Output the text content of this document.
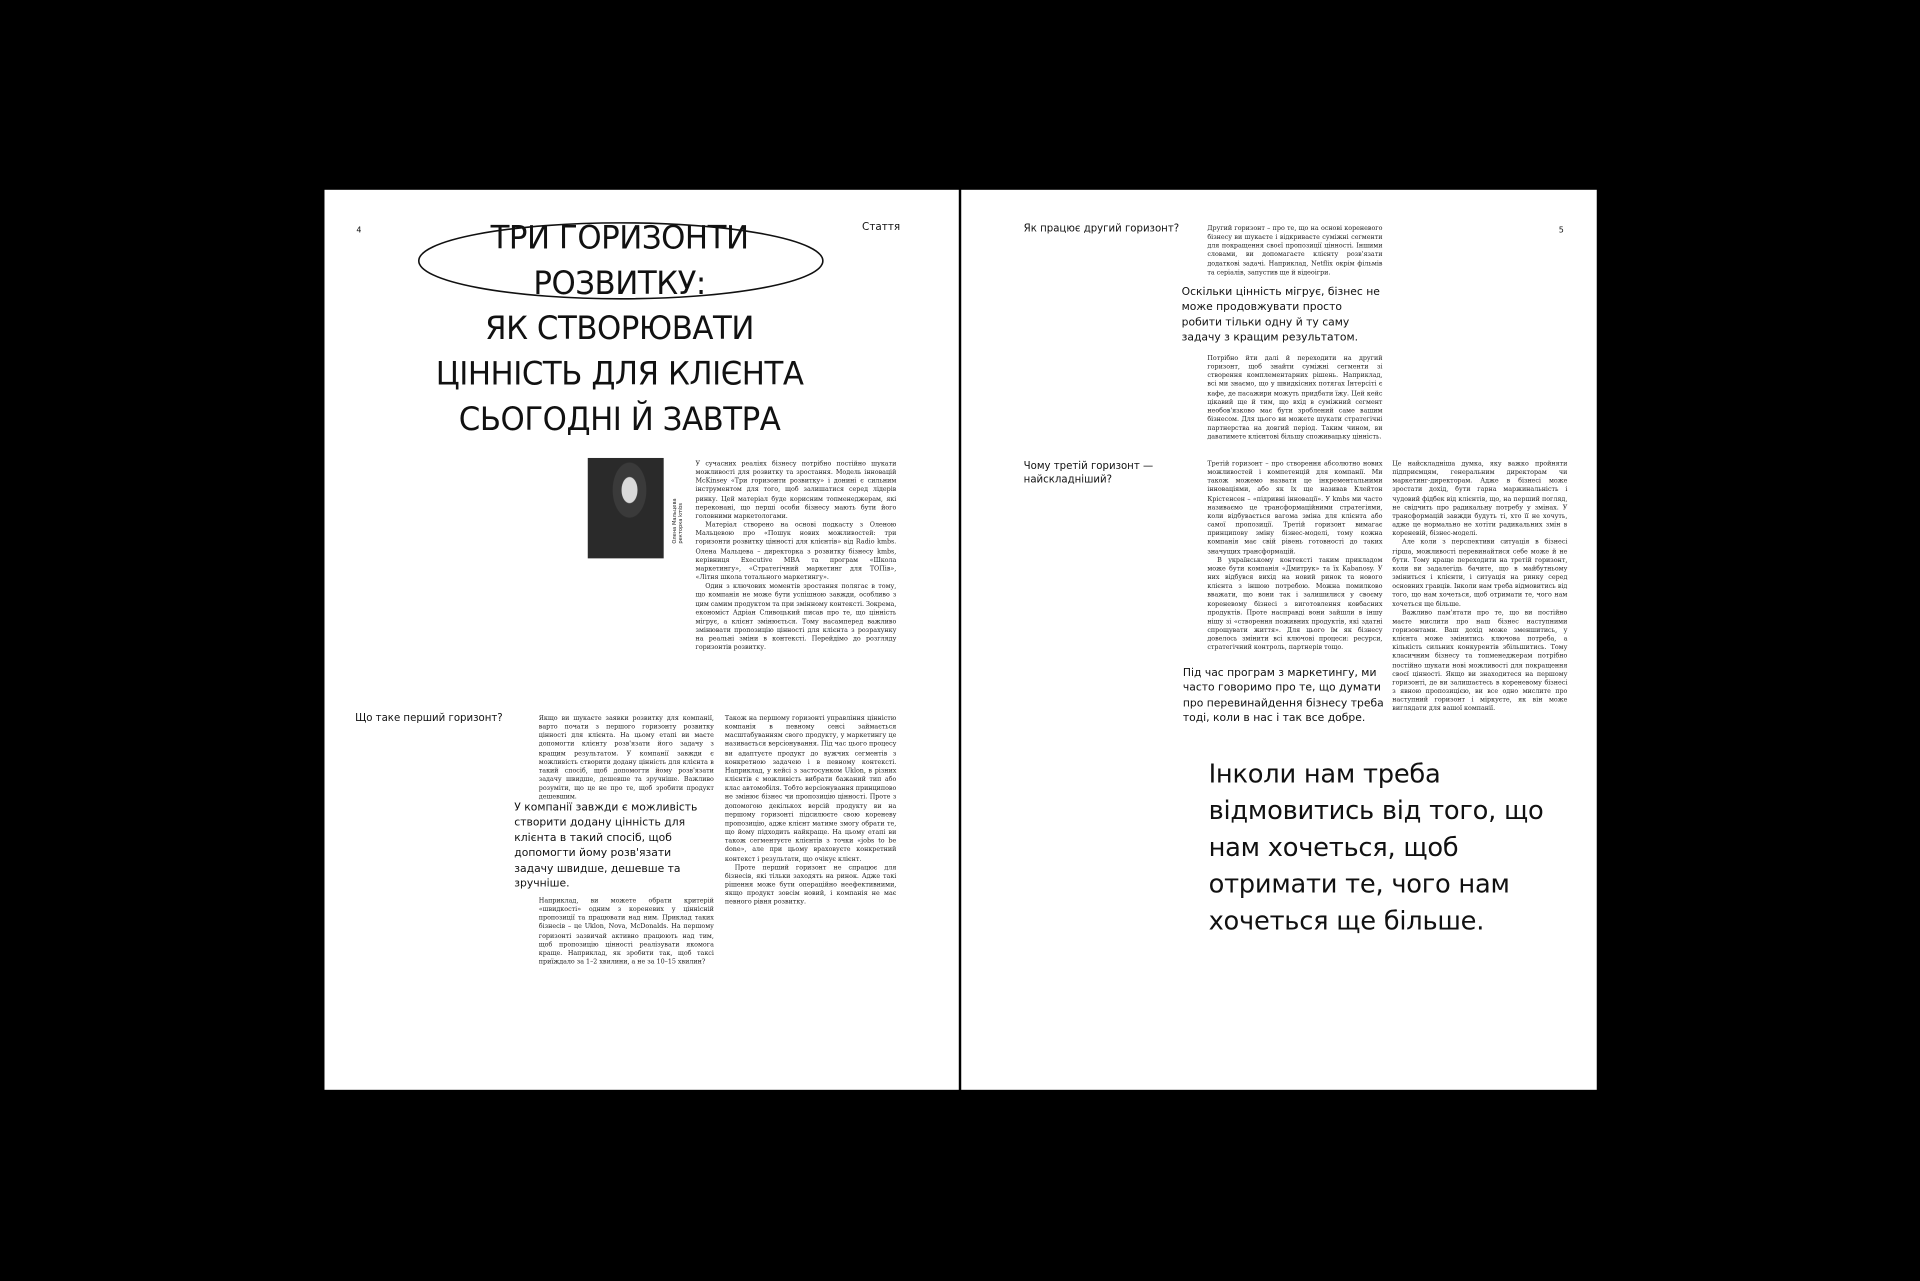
4	Стаття
ТРИ ГОРИЗОНТИ
РОЗВИТКУ:
ЯК СТВОРЮВАТИ
ЦІННІСТЬ ДЛЯ КЛІЄНТА
СЬОГОДНІ Й ЗАВТРА
Олена Мальцева
ректорка kmbs

У сучасних реаліях бізнесу потрібно постійно шукати можливості для розвитку та зростання. Модель інновацій McKinsey «Три горизонти розвитку» і донині є сильним інструментом для того, щоб залишатися серед лідерів ринку. Цей матеріал буде корисним топменеджерам, які переконані, що перші особи бізнесу мають бути його головними маркетологами.

Матеріал створено на основі подкасту з Оленою Мальцевою про «Пошук нових можливостей: три горизонти розвитку цінності для клієнтів» від Radio kmbs. Олена Мальцева – директорка з розвитку бізнесу kmbs, керівниця Executive MBA та програм «Школа маркетингу», «Стратегічний маркетинг для ТОПів», «Літня школа тотального маркетингу».

Один з ключових моментів зростання полягає в тому, що компанія не може бути успішною завжди, особливо з цим самим продуктом та при змінному контексті. Зокрема, економіст Адріан Сливоцький писав про те, що цінність мігрує, а клієнт змінюється. Тому насамперед важливо змінювати пропозицію цінності для клієнта з розрахунку на реальні зміни в контексті. Перейдімо до розгляду горизонтів розвитку.

Що таке перший горизонт?	Якщо ви шукаєте заявки розвитку для компанії, варто почати з першого горизонту розвитку цінності для клієнта. На цьому етапі ви маєте допомогти клієнту розв'язати його задачу з кращим результатом. У компанії завжди є можливість створити додану цінність для клієнта в такий спосіб, щоб допомогти йому розв'язати задачу швидше, дешевше та зручніше. Важливо розуміти, що це не про те, щоб зробити продукт дешевшим.

У компанії завжди є можливість створити додану цінність для клієнта в такий спосіб, щоб допомогти йому розв'язати задачу швидше, дешевше та зручніше.

Наприклад, ви можете обрати критерій «швидкості» одним з кореневих у ціннісній пропозиції та працювати над ним. Приклад таких бізнесів – це Uklon, Nova, McDonalds. На першому горизонті зазвичай активно працюють над тим, щоб пропозицію цінності реалізувати якомога краще. Наприклад, як зробити так, щоб таксі приїждало за 1–2 хвилини, а не за 10–15 хвилин?

Також на першому горизонті управління цінністю компанія в певному сенсі займається масштабуванням свого продукту, у маркетингу це називається версіонування. Під час цього процесу ви адаптуєте продукт до вужчих сегментів з конкретною задачею і в певному контексті. Наприклад, у кейсі з застосунком Uklon, в різних клієнтів є можливість вибрати бажаний тип або клас автомобіля. Тобто версіонування принципово не змінює бізнес чи пропозицію цінності. Проте з допомогою декількох версій продукту ви на першому горизонті підсилюєте свою кореневу пропозицію, адже клієнт матиме змогу обрати те, що йому підходить найкраще. На цьому етапі ви також сегментуєте клієнтів з точки «jobs to be done», але при цьому враховуєте конкретний контекст і результати, що очікує клієнт.

Проте перший горизонт не спрацює для бізнесів, які тільки заходять на ринок. Адже такі рішення може бути операційно неефективними, якщо продукт зовсім новий, і компанія не має певного рівня розвитку.

5
Як працює другий горизонт?	Другий горизонт – про те, що на основі кореневого бізнесу ви шукаєте і відкриваєте суміжні сегменти для покращення своєї пропозиції цінності. Іншими словами, ви допомагаєте клієнту розв'язати додаткові задачі. Наприклад, Netflix окрім фільмів та серіалів, запустив ще й відеоігри.

Оскільки цінність мігрує, бізнес не може продовжувати просто робити тільки одну й ту саму задачу з кращим результатом.

Потрібно йти далі й переходити на другий горизонт, щоб знайти суміжні сегменти зі створення комплементарних рішень. Наприклад, всі ми знаємо, що у швидкісних потягах Інтерсіті є кафе, де пасажири можуть придбати їжу. Цей кейс цікавий ще й тим, що вхід в суміжний сегмент необов'язково має бути зроблений саме вашим бізнесом. Для цього ви можете шукати стратегічні партнерства на довгий період. Таким чином, ви даватимете клієнтові більшу споживацьку цінність.

Чому третій горизонт — найскладніший?

Третій горизонт – про створення абсолютно нових можливостей і компетенцій для компанії. Ми також можемо назвати це інкрементальними інноваціями, або як їх ще називав Клейтон Крістенсен – «підривні інновації». У kmbs ми часто називаємо це трансформаційними стратегіями, коли відбувається вагома зміна для клієнта або самої пропозиції. Третій горизонт вимагає принципову зміну бізнес-моделі, тому кожна компанія має свій рівень готовності до таких значущих трансформацій.

В українському контексті таким прикладом може бути компанія «Дмитрук» та їх Kabanosy. У них відбувся вихід на новий ринок та нового клієнта з іншою потребою. Можна помилково вважати, що вони так і залишилися у своєму кореневому бізнесі з виготовлення ковбасних продуктів. Проте насправді вони зайшли в іншу нішу зі «створення поживних продуктів, які здатні спрощувати життя». Для цього їм як бізнесу довелось змінити всі ключові процеси: ресурси, стратегічний контроль, партнерів тощо.

Під час програм з маркетингу, ми часто говоримо про те, що думати про перевинайдення бізнесу треба тоді, коли в нас і так все добре.

Це найскладніша думка, яку важко пройняти підприємцям, генеральним директорам чи маркетинг-директорам. Адже в бізнесі може зростати дохід, бути гарна маржинальність і чудовий фідбек від клієнтів, що, на перший погляд, не свідчить про радикальну потребу у змінах. У трансформацій завжди будуть ті, хто її не хочуть, адже це нормально не хотіти радикальних змін в кореневій, бізнес-моделі.

Але коли з перспективи ситуація в бізнесі гірша, можливості перевинайтися себе може й не бути. Тому краще переходити на третій горизонт, коли ви задалегідь бачите, що в майбутньому зміниться і клієнти, і ситуація на ринку серед основних гравців. Інколи нам треба відмовитись від того, що нам хочеться, щоб отримати те, чого нам хочеться ще більше.

Важливо пам'ятати про те, що ви постійно маєте мислити про наш бізнес наступними горизонтами. Ваш дохід може зменшитись, у клієнта може змінитись ключова потреба, а кількість сильних конкурентів збільшитись. Тому класичним бізнесу та топменеджерам потрібно постійно шукати нові можливості для покращення своєї цінності. Якщо ви знаходитеся на першому горизонті, де ви залишаєтесь в кореневому бізнесі з явною пропозицією, ви все одно мислите про наступний горизонт і міркуєте, як він може виглядати для вашої компанії.

Інколи нам треба відмовитись від того, що нам хочеться, щоб отримати те, чого нам хочеться ще більше.
